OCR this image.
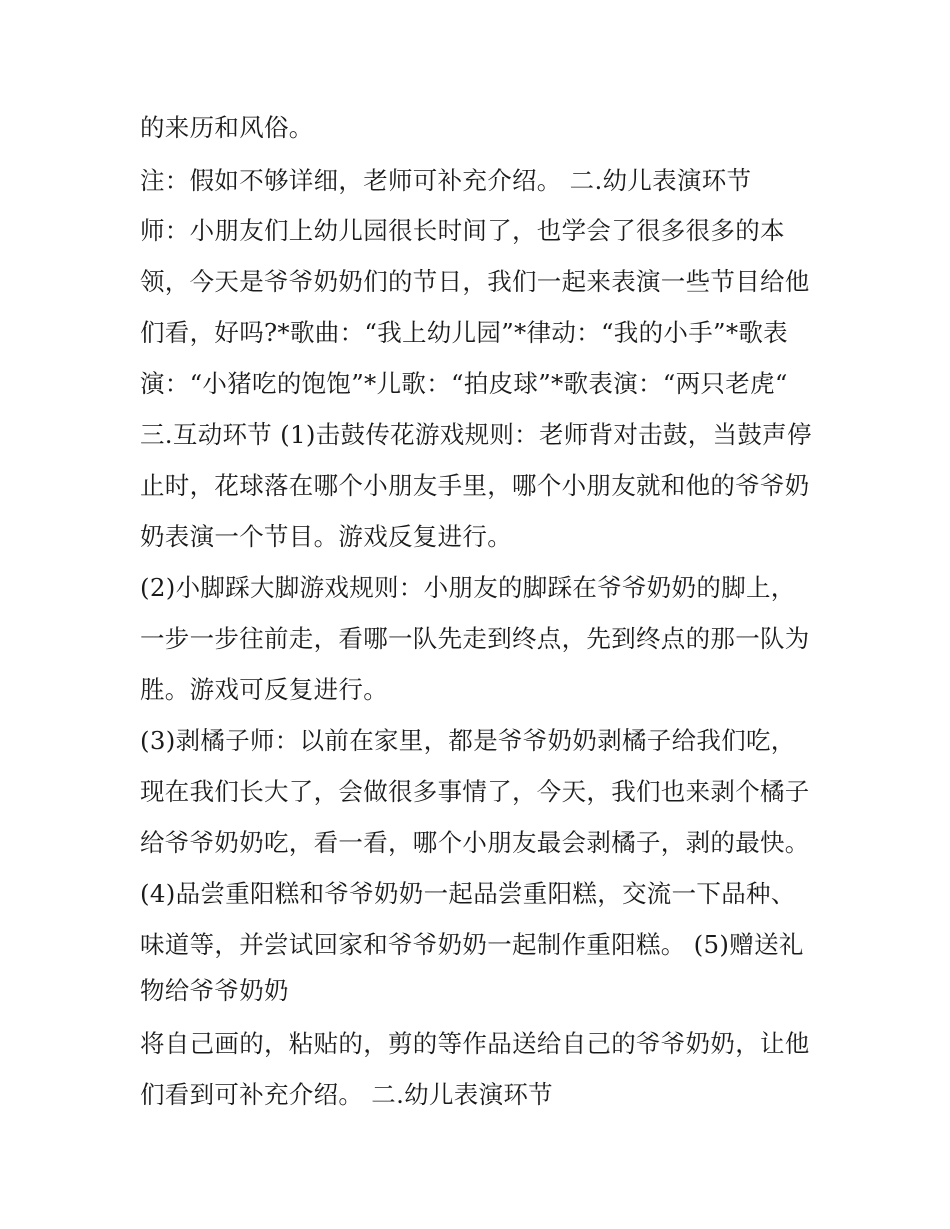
的来历和风俗。
注：假如不够详细，老师可补充介绍。 二.幼儿表演环节
师：小朋友们上幼儿园很长时间了，也学会了很多很多的本
领，今天是爷爷奶奶们的节日，我们一起来表演一些节目给他
们看，好吗?*歌曲：“我上幼儿园”*律动：“我的小手”*歌表
演：“小猪吃的饱饱”*儿歌：“拍皮球”*歌表演：“两只老虎“
三.互动环节 (1)击鼓传花游戏规则：老师背对击鼓，当鼓声停
止时，花球落在哪个小朋友手里，哪个小朋友就和他的爷爷奶
奶表演一个节目。游戏反复进行。
(2)小脚踩大脚游戏规则：小朋友的脚踩在爷爷奶奶的脚上，
一步一步往前走，看哪一队先走到终点，先到终点的那一队为
胜。游戏可反复进行。
(3)剥橘子师：以前在家里，都是爷爷奶奶剥橘子给我们吃，
现在我们长大了，会做很多事情了，今天，我们也来剥个橘子
给爷爷奶奶吃，看一看，哪个小朋友最会剥橘子，剥的最快。
(4)品尝重阳糕和爷爷奶奶一起品尝重阳糕，交流一下品种、
味道等，并尝试回家和爷爷奶奶一起制作重阳糕。 (5)赠送礼
物给爷爷奶奶
将自己画的，粘贴的，剪的等作品送给自己的爷爷奶奶，让他
们看到可补充介绍。 二.幼儿表演环节
